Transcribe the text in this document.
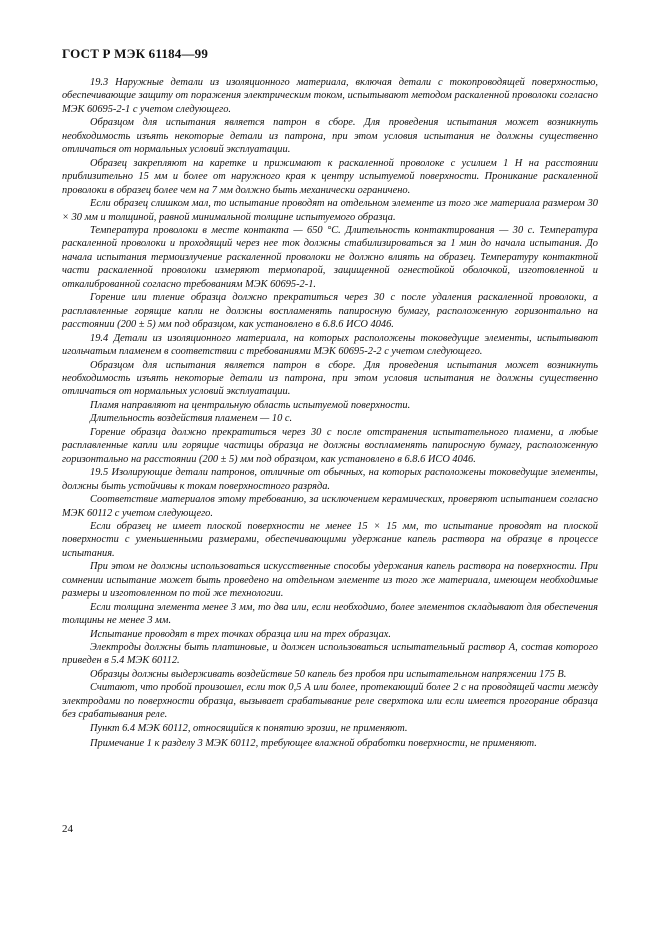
ГОСТ Р МЭК 61184—99

19.3 Наружные детали из изоляционного материала, включая детали с токопроводящей поверхностью, обеспечивающие защиту от поражения электрическим током, испытывают методом раскаленной проволоки согласно МЭК 60695-2-1 с учетом следующего.

Образцом для испытания является патрон в сборе. Для проведения испытания может возникнуть необходимость изъять некоторые детали из патрона, при этом условия испытания не должны существенно отличаться от нормальных условий эксплуатации.

Образец закрепляют на каретке и прижимают к раскаленной проволоке с усилием 1 Н на расстоянии приблизительно 15 мм и более от наружного края к центру испытуемой поверхности. Проникание раскаленной проволоки в образец более чем на 7 мм должно быть механически ограничено.

Если образец слишком мал, то испытание проводят на отдельном элементе из того же материала размером 30 × 30 мм и толщиной, равной минимальной толщине испытуемого образца.

Температура проволоки в месте контакта — 650 °С. Длительность контактирования — 30 с. Температура раскаленной проволоки и проходящий через нее ток должны стабилизироваться за 1 мин до начала испытания. До начала испытания термоизлучение раскаленной проволоки не должно влиять на образец. Температуру контактной части раскаленной проволоки измеряют термопарой, защищенной огнестойкой оболочкой, изготовленной и откалиброванной согласно требованиям МЭК 60695-2-1.

Горение или тление образца должно прекратиться через 30 с после удаления раскаленной проволоки, а расплавленные горящие капли не должны воспламенять папиросную бумагу, расположенную горизонтально на расстоянии (200 ± 5) мм под образцом, как установлено в 6.8.6 ИСО 4046.

19.4 Детали из изоляционного материала, на которых расположены токоведущие элементы, испытывают игольчатым пламенем в соответствии с требованиями МЭК 60695-2-2 с учетом следующего.

Образцом для испытания является патрон в сборе. Для проведения испытания может возникнуть необходимость изъять некоторые детали из патрона, при этом условия испытания не должны существенно отличаться от нормальных условий эксплуатации.

Пламя направляют на центральную область испытуемой поверхности.

Длительность воздействия пламенем — 10 с.

Горение образца должно прекратиться через 30 с после отстранения испытательного пламени, а любые расплавленные капли или горящие частицы образца не должны воспламенять папиросную бумагу, расположенную горизонтально на расстоянии (200 ± 5) мм под образцом, как установлено в 6.8.6 ИСО 4046.

19.5 Изолирующие детали патронов, отличные от обычных, на которых расположены токоведущие элементы, должны быть устойчивы к токам поверхностного разряда.

Соответствие материалов этому требованию, за исключением керамических, проверяют испытанием согласно МЭК 60112 с учетом следующего.

Если образец не имеет плоской поверхности не менее 15 × 15 мм, то испытание проводят на плоской поверхности с уменьшенными размерами, обеспечивающими удержание капель раствора на образце в процессе испытания.

При этом не должны использоваться искусственные способы удержания капель раствора на поверхности. При сомнении испытание может быть проведено на отдельном элементе из того же материала, имеющем необходимые размеры и изготовленном по той же технологии.

Если толщина элемента менее 3 мм, то два или, если необходимо, более элементов складывают для обеспечения толщины не менее 3 мм.

Испытание проводят в трех точках образца или на трех образцах.

Электроды должны быть платиновые, и должен использоваться испытательный раствор А, состав которого приведен в 5.4 МЭК 60112.

Образцы должны выдерживать воздействие 50 капель без пробоя при испытательном напряжении 175 В.

Считают, что пробой произошел, если ток 0,5 А или более, протекающий более 2 с на проводящей части между электродами по поверхности образца, вызывает срабатывание реле сверхтока или если имеется прогорание образца без срабатывания реле.

Пункт 6.4 МЭК 60112, относящийся к понятию эрозии, не применяют.

Примечание 1 к разделу 3 МЭК 60112, требующее влажной обработки поверхности, не применяют.

24
